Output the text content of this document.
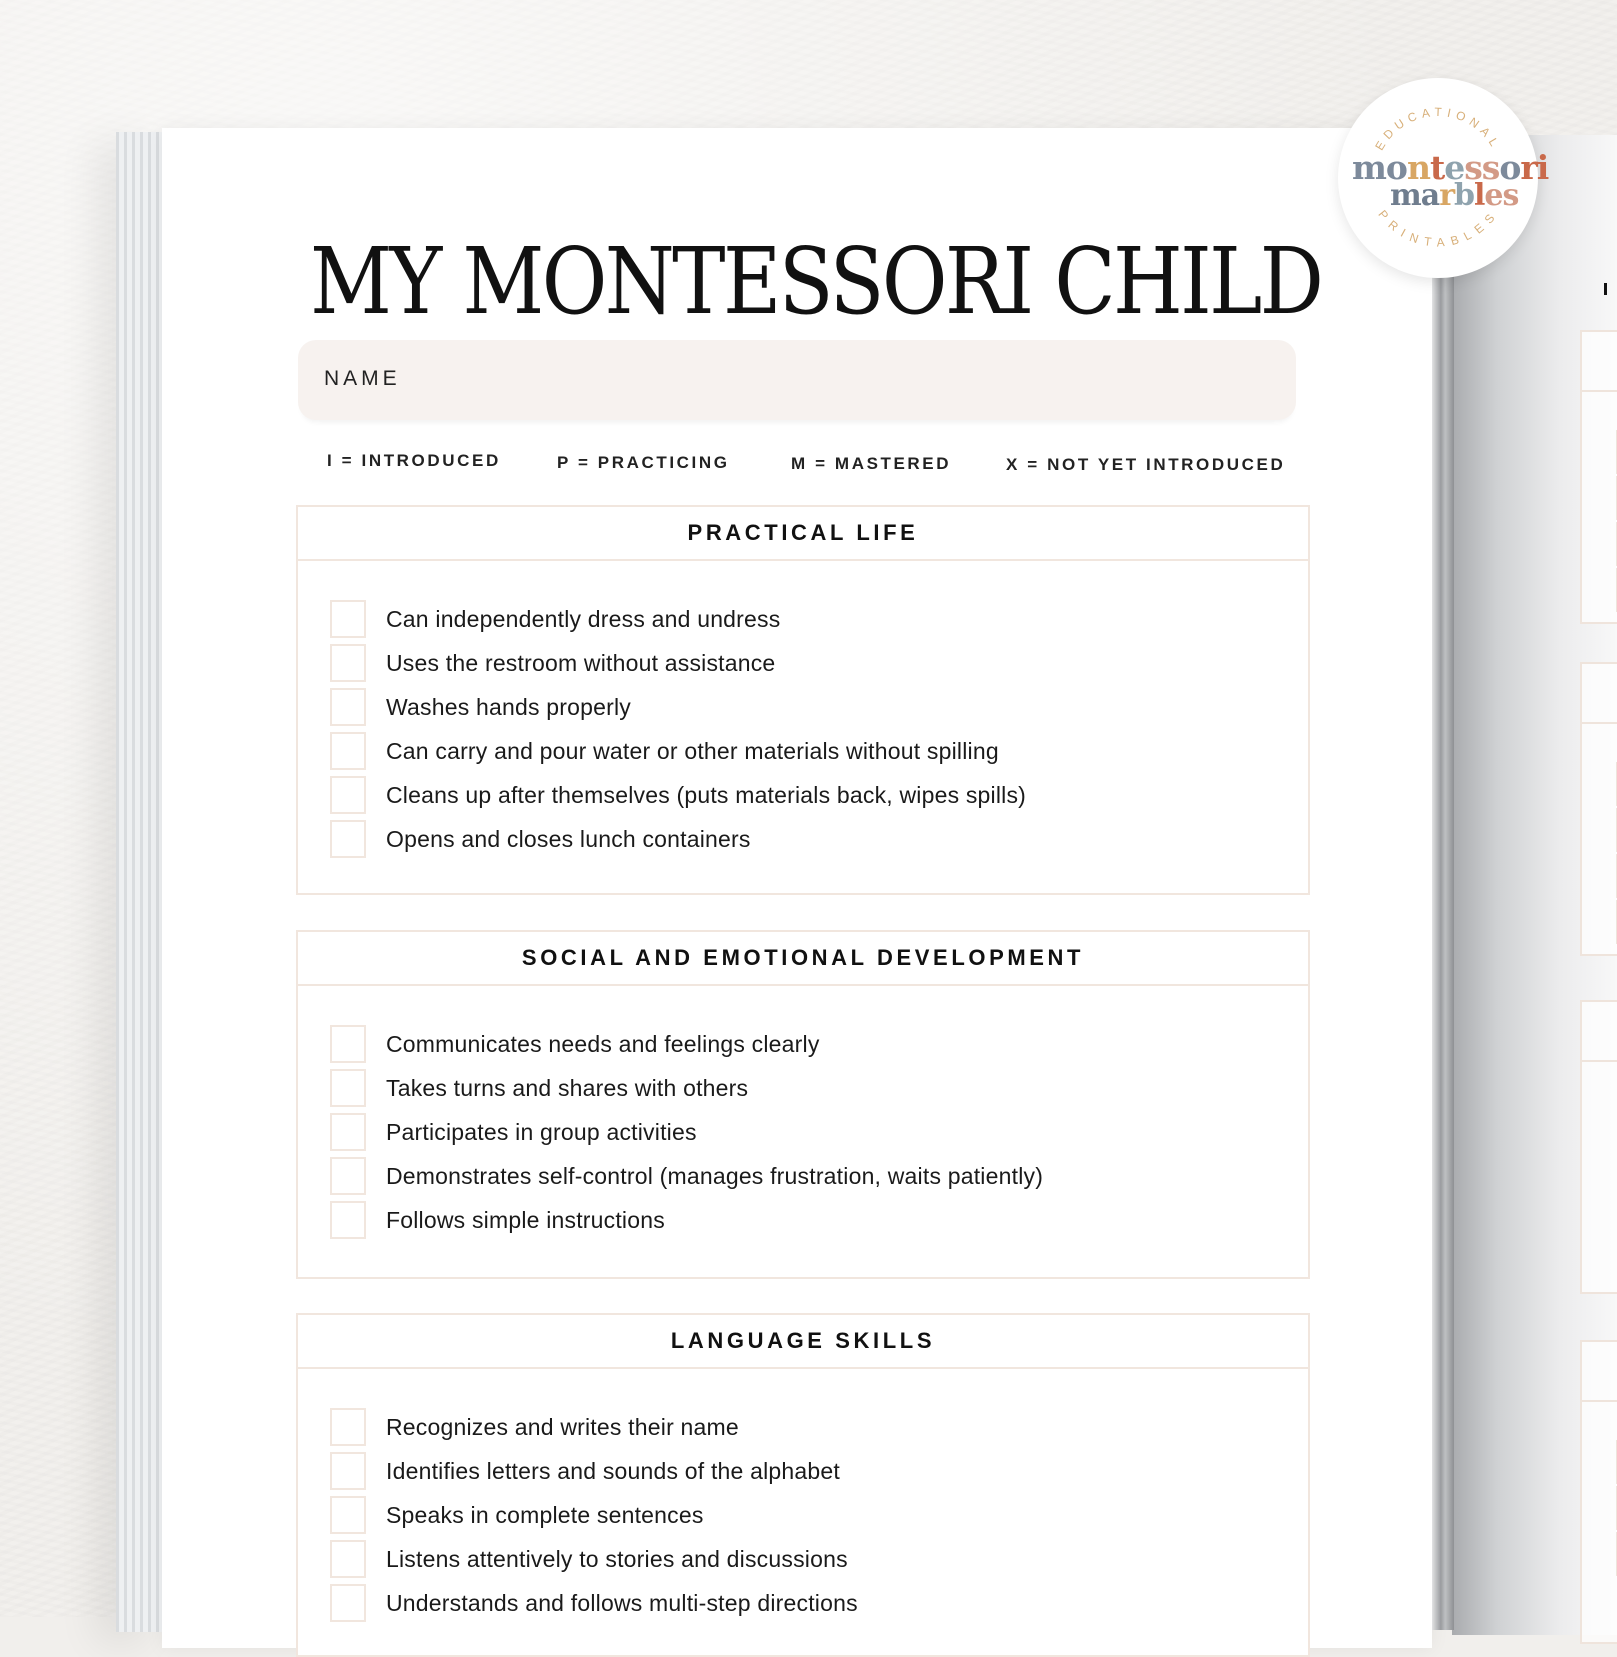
MY MONTESSORI CHILD
NAME
I = INTRODUCED	P = PRACTICING	M = MASTERED	X = NOT YET INTRODUCED
PRACTICAL LIFE
Can independently dress and undress
Uses the restroom without assistance
Washes hands properly
Can carry and pour water or other materials without spilling
Cleans up after themselves (puts materials back, wipes spills)
Opens and closes lunch containers
SOCIAL AND EMOTIONAL DEVELOPMENT
Communicates needs and feelings clearly
Takes turns and shares with others
Participates in group activities
Demonstrates self-control (manages frustration, waits patiently)
Follows simple instructions
LANGUAGE SKILLS
Recognizes and writes their name
Identifies letters and sounds of the alphabet
Speaks in complete sentences
Listens attentively to stories and discussions
Understands and follows multi-step directions
EDUCATIONAL
PRINTABLES
montessori
marbles
